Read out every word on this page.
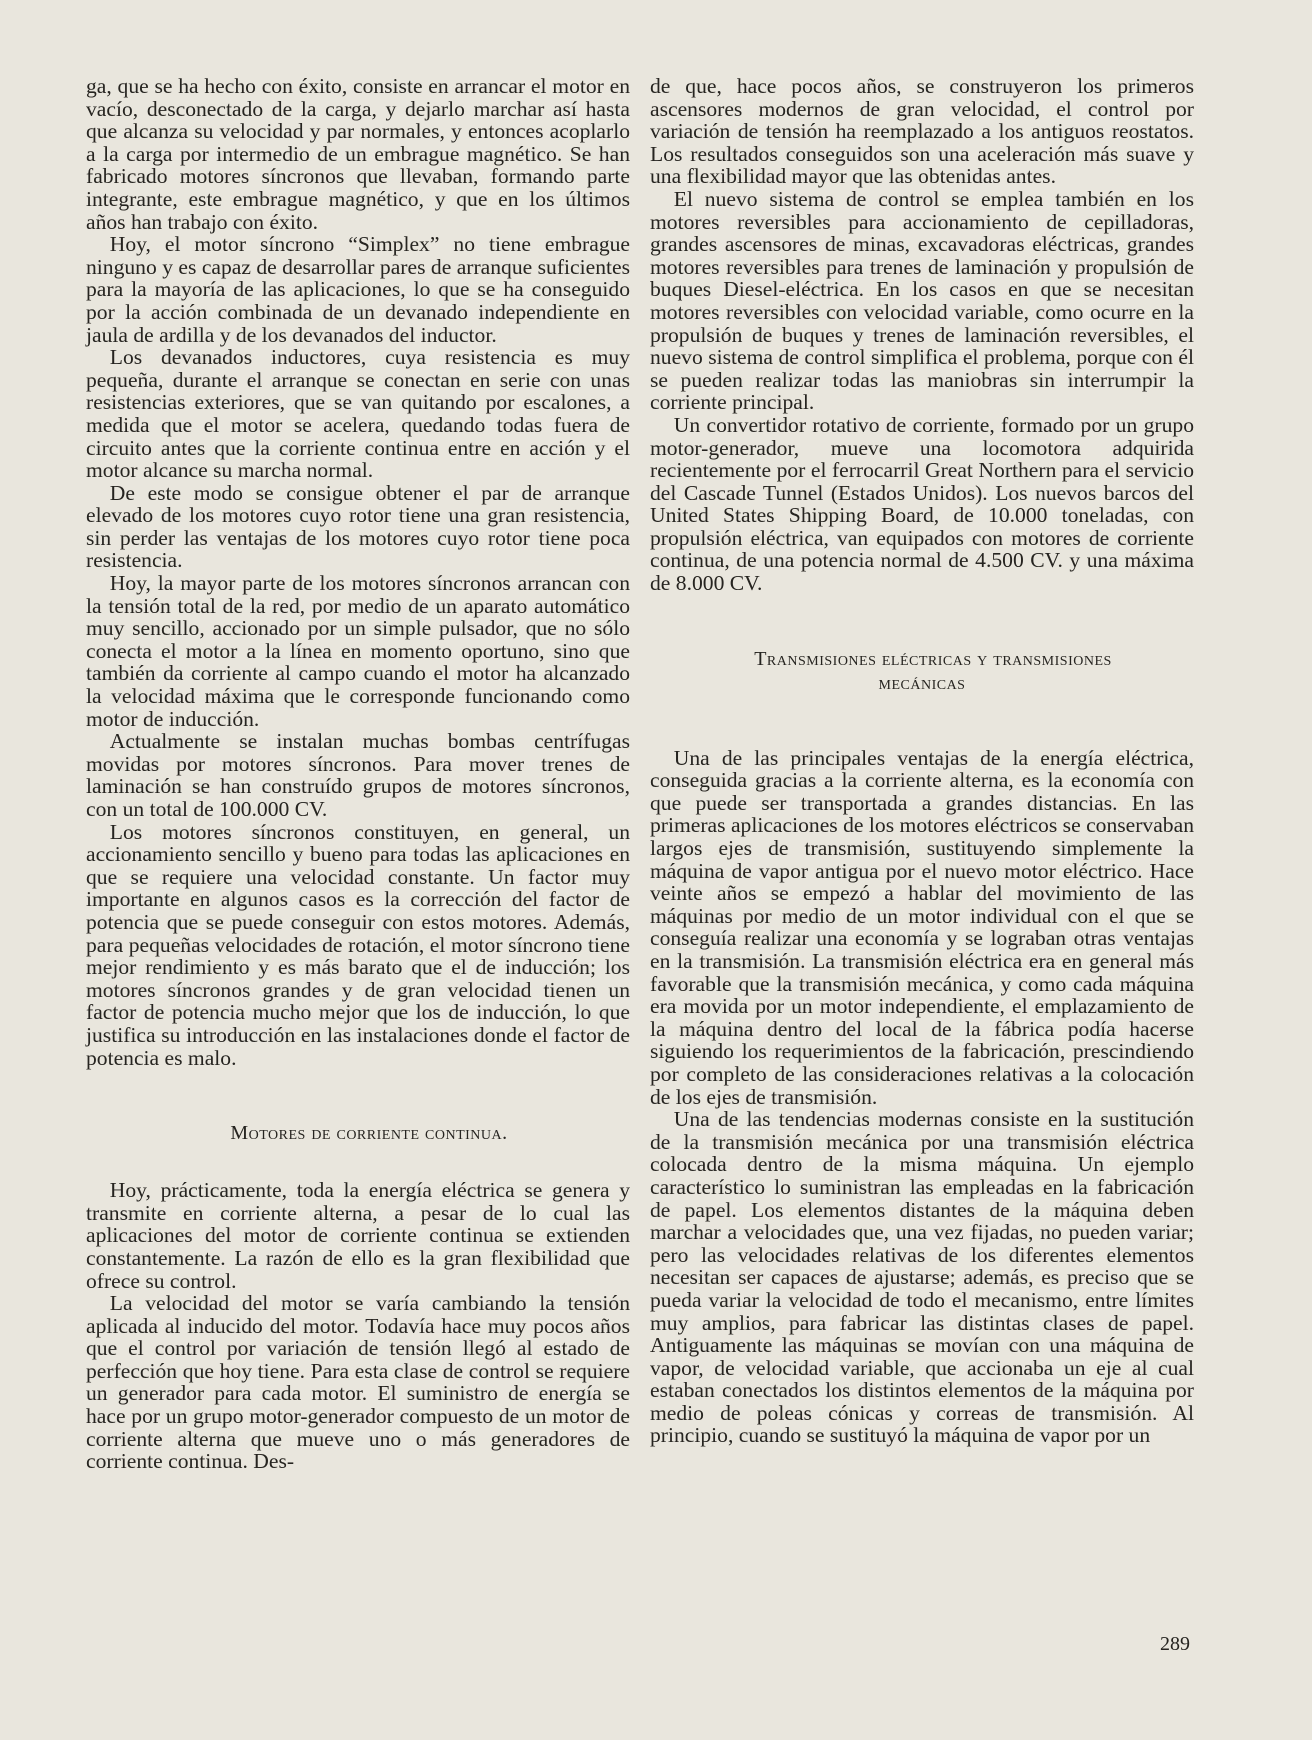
ga, que se ha hecho con éxito, consiste en arrancar el motor en vacío, desconectado de la carga, y dejarlo marchar así hasta que alcanza su velocidad y par normales, y entonces acoplarlo a la carga por intermedio de un embrague magnético. Se han fabricado motores síncronos que llevaban, formando parte integrante, este embrague magnético, y que en los últimos años han trabajo con éxito.

Hoy, el motor síncrono “Simplex” no tiene embrague ninguno y es capaz de desarrollar pares de arranque suficientes para la mayoría de las aplicaciones, lo que se ha conseguido por la acción combinada de un devanado independiente en jaula de ardilla y de los devanados del inductor.

Los devanados inductores, cuya resistencia es muy pequeña, durante el arranque se conectan en serie con unas resistencias exteriores, que se van quitando por escalones, a medida que el motor se acelera, quedando todas fuera de circuito antes que la corriente continua entre en acción y el motor alcance su marcha normal.

De este modo se consigue obtener el par de arranque elevado de los motores cuyo rotor tiene una gran resistencia, sin perder las ventajas de los motores cuyo rotor tiene poca resistencia.

Hoy, la mayor parte de los motores síncronos arrancan con la tensión total de la red, por medio de un aparato automático muy sencillo, accionado por un simple pulsador, que no sólo conecta el motor a la línea en momento oportuno, sino que también da corriente al campo cuando el motor ha alcanzado la velocidad máxima que le corresponde funcionando como motor de inducción.

Actualmente se instalan muchas bombas centrífugas movidas por motores síncronos. Para mover trenes de laminación se han construído grupos de motores síncronos, con un total de 100.000 CV.

Los motores síncronos constituyen, en general, un accionamiento sencillo y bueno para todas las aplicaciones en que se requiere una velocidad constante. Un factor muy importante en algunos casos es la corrección del factor de potencia que se puede conseguir con estos motores. Además, para pequeñas velocidades de rotación, el motor síncrono tiene mejor rendimiento y es más barato que el de inducción; los motores síncronos grandes y de gran velocidad tienen un factor de potencia mucho mejor que los de inducción, lo que justifica su introducción en las instalaciones donde el factor de potencia es malo.

Motores de corriente continua.

Hoy, prácticamente, toda la energía eléctrica se genera y transmite en corriente alterna, a pesar de lo cual las aplicaciones del motor de corriente continua se extienden constantemente. La razón de ello es la gran flexibilidad que ofrece su control.

La velocidad del motor se varía cambiando la tensión aplicada al inducido del motor. Todavía hace muy pocos años que el control por variación de tensión llegó al estado de perfección que hoy tiene. Para esta clase de control se requiere un generador para cada motor. El suministro de energía se hace por un grupo motor-generador compuesto de un motor de corriente alterna que mueve uno o más generadores de corriente continua. Des-

de que, hace pocos años, se construyeron los primeros ascensores modernos de gran velocidad, el control por variación de tensión ha reemplazado a los antiguos reostatos. Los resultados conseguidos son una aceleración más suave y una flexibilidad mayor que las obtenidas antes.

El nuevo sistema de control se emplea también en los motores reversibles para accionamiento de cepilladoras, grandes ascensores de minas, excavadoras eléctricas, grandes motores reversibles para trenes de laminación y propulsión de buques Diesel-eléctrica. En los casos en que se necesitan motores reversibles con velocidad variable, como ocurre en la propulsión de buques y trenes de laminación reversibles, el nuevo sistema de control simplifica el problema, porque con él se pueden realizar todas las maniobras sin interrumpir la corriente principal.

Un convertidor rotativo de corriente, formado por un grupo motor-generador, mueve una locomotora adquirida recientemente por el ferrocarril Great Northern para el servicio del Cascade Tunnel (Estados Unidos). Los nuevos barcos del United States Shipping Board, de 10.000 toneladas, con propulsión eléctrica, van equipados con motores de corriente continua, de una potencia normal de 4.500 CV. y una máxima de 8.000 CV.

Transmisiones eléctricas y transmisiones
mecánicas

Una de las principales ventajas de la energía eléctrica, conseguida gracias a la corriente alterna, es la economía con que puede ser transportada a grandes distancias. En las primeras aplicaciones de los motores eléctricos se conservaban largos ejes de transmisión, sustituyendo simplemente la máquina de vapor antigua por el nuevo motor eléctrico. Hace veinte años se empezó a hablar del movimiento de las máquinas por medio de un motor individual con el que se conseguía realizar una economía y se lograban otras ventajas en la transmisión. La transmisión eléctrica era en general más favorable que la transmisión mecánica, y como cada máquina era movida por un motor independiente, el emplazamiento de la máquina dentro del local de la fábrica podía hacerse siguiendo los requerimientos de la fabricación, prescindiendo por completo de las consideraciones relativas a la colocación de los ejes de transmisión.

Una de las tendencias modernas consiste en la sustitución de la transmisión mecánica por una transmisión eléctrica colocada dentro de la misma máquina. Un ejemplo característico lo suministran las empleadas en la fabricación de papel. Los elementos distantes de la máquina deben marchar a velocidades que, una vez fijadas, no pueden variar; pero las velocidades relativas de los diferentes elementos necesitan ser capaces de ajustarse; además, es preciso que se pueda variar la velocidad de todo el mecanismo, entre límites muy amplios, para fabricar las distintas clases de papel. Antiguamente las máquinas se movían con una máquina de vapor, de velocidad variable, que accionaba un eje al cual estaban conectados los distintos elementos de la máquina por medio de poleas cónicas y correas de transmisión. Al principio, cuando se sustituyó la máquina de vapor por un

289
